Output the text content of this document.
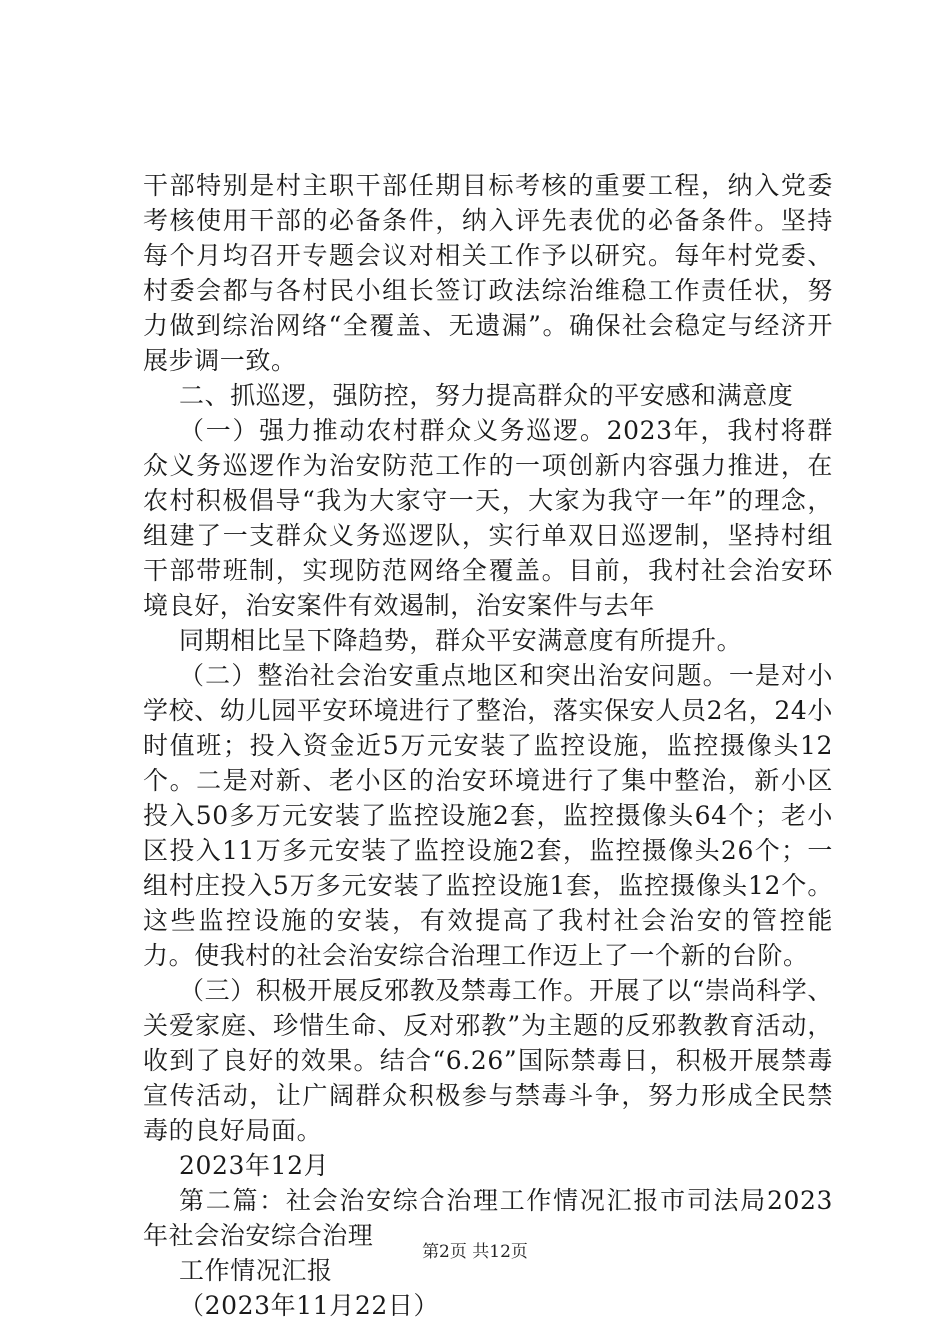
干部特别是村主职干部任期目标考核的重要工程，纳入党委考核使用干部的必备条件，纳入评先表优的必备条件。坚持每个月均召开专题会议对相关工作予以研究。每年村党委、村委会都与各村民小组长签订政法综治维稳工作责任状，努力做到综治网络“全覆盖、无遗漏”。确保社会稳定与经济开展步调一致。

二、抓巡逻，强防控，努力提高群众的平安感和满意度

（一）强力推动农村群众义务巡逻。2023年，我村将群众义务巡逻作为治安防范工作的一项创新内容强力推进，在农村积极倡导“我为大家守一天，大家为我守一年”的理念，组建了一支群众义务巡逻队，实行单双日巡逻制，坚持村组干部带班制，实现防范网络全覆盖。目前，我村社会治安环境良好，治安案件有效遏制，治安案件与去年

同期相比呈下降趋势，群众平安满意度有所提升。

（二）整治社会治安重点地区和突出治安问题。一是对小学校、幼儿园平安环境进行了整治，落实保安人员2名，24小时值班；投入资金近5万元安装了监控设施，监控摄像头12个。二是对新、老小区的治安环境进行了集中整治，新小区投入50多万元安装了监控设施2套，监控摄像头64个；老小区投入11万多元安装了监控设施2套，监控摄像头26个；一组村庄投入5万多元安装了监控设施1套，监控摄像头12个。这些监控设施的安装，有效提高了我村社会治安的管控能力。使我村的社会治安综合治理工作迈上了一个新的台阶。

（三）积极开展反邪教及禁毒工作。开展了以“崇尚科学、关爱家庭、珍惜生命、反对邪教”为主题的反邪教教育活动，收到了良好的效果。结合“6.26”国际禁毒日，积极开展禁毒宣传活动，让广阔群众积极参与禁毒斗争，努力形成全民禁毒的良好局面。

2023年12月

第二篇：社会治安综合治理工作情况汇报市司法局2023年社会治安综合治理

工作情况汇报

（2023年11月22日）

第2页 共12页
